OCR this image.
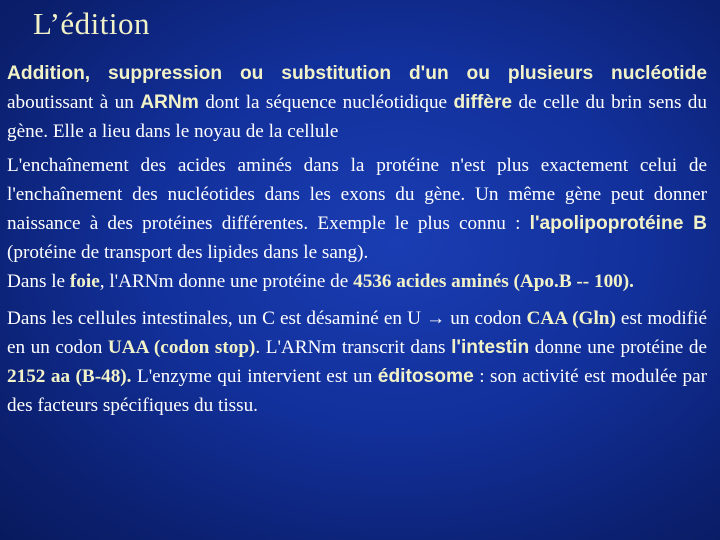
L’édition

Addition, suppression ou substitution d'un ou plusieurs nucléotide aboutissant à un ARNm dont la séquence nucléotidique diffère de celle du brin sens du gène. Elle a lieu dans le noyau de la cellule

L'enchaînement des acides aminés dans la protéine n'est plus exactement celui de l'enchaînement des nucléotides dans les exons du gène. Un même gène peut donner naissance à des protéines différentes. Exemple le plus connu : l'apolipoprotéine B (protéine de transport des lipides dans le sang).

Dans le foie, l'ARNm donne une protéine de 4536 acides aminés (Apo.B -- 100).

Dans les cellules intestinales, un C est désaminé en U → un codon CAA (Gln) est modifié en un codon UAA (codon stop). L'ARNm transcrit dans l'intestin donne une protéine de 2152 aa (B-48). L'enzyme qui intervient est un éditosome : son activité est modulée par des facteurs spécifiques du tissu.
